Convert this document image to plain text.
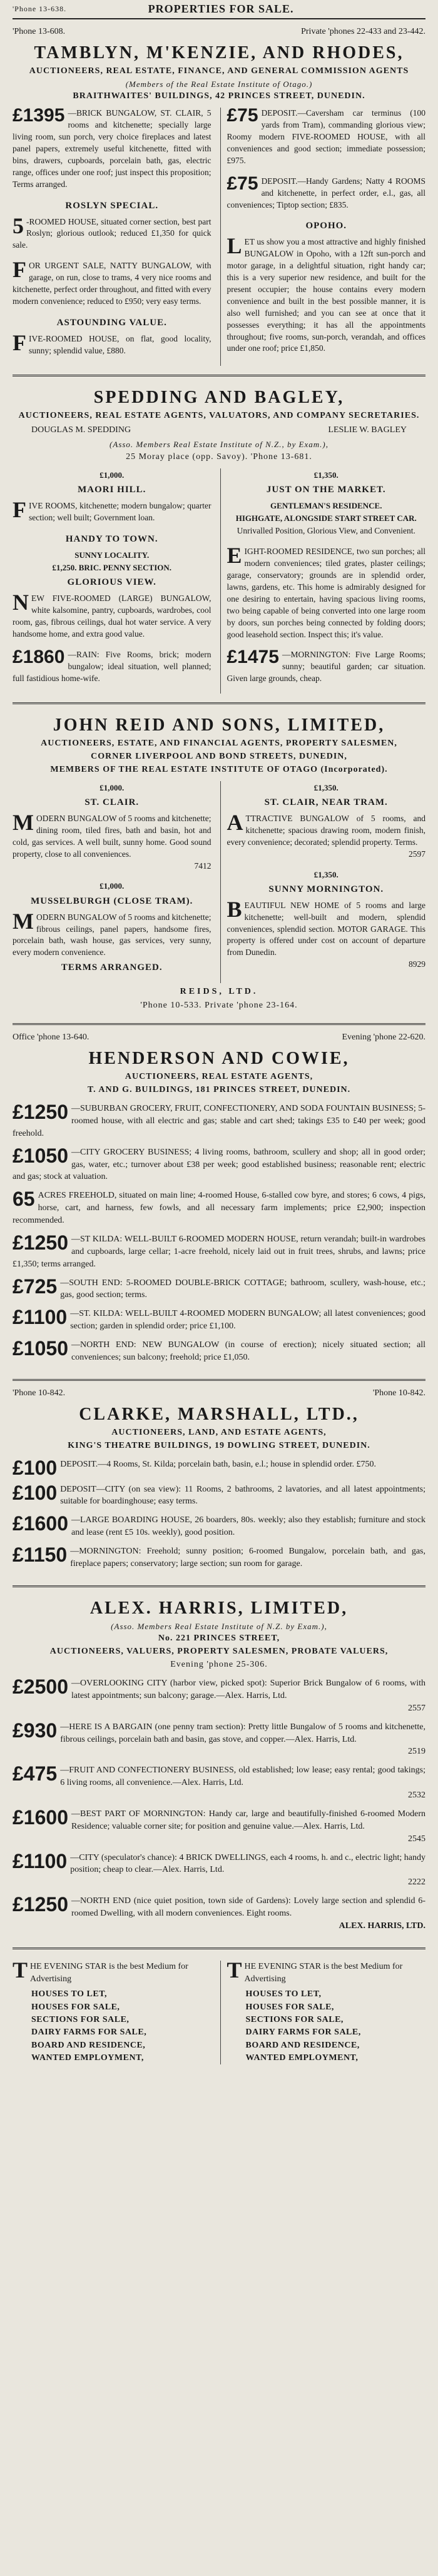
'Phone 13-638.	PROPERTIES FOR SALE.
'Phone 13-608.	Private 'phones 22-433 and 23-442.
TAMBLYN, M'KENZIE, AND RHODES,
AUCTIONEERS, REAL ESTATE, FINANCE, AND GENERAL COMMISSION AGENTS
(Members of the Real Estate Institute of Otago.)
BRAITHWAITES' BUILDINGS, 42 PRINCES STREET, DUNEDIN.
£1395 —BRICK BUNGALOW, ST. CLAIR, 5 rooms and kitchenette; specially large living room, sun porch, very choice fireplaces and latest panel papers, extremely useful kitchenette, fitted with bins, drawers, cupboards, porcelain bath, gas, electric range, offices under one roof; just inspect this proposition; Terms arranged.
ROSLYN SPECIAL.
5 -ROOMED HOUSE, situated corner section, best part Roslyn; glorious outlook; reduced £1,350 for quick sale.
FOR URGENT SALE, NATTY BUNGALOW, with garage, on run, close to trams, 4 very nice rooms and kitchenette, perfect order throughout, and fitted with every modern convenience; reduced to £950; very easy terms.
ASTOUNDING VALUE.
F IVE-ROOMED HOUSE, on flat, good locality, sunny; splendid value, £880.
£75 DEPOSIT.—Caversham car terminus (100 yards from Tram), commanding glorious view; Roomy modern FIVE-ROOMED HOUSE, with all conveniences and good section; immediate possession; £975.
£75 DEPOSIT.—Handy Gardens; Natty 4 ROOMS and kitchenette, in perfect order, e.l., gas, all conveniences; Tiptop section; £835.
OPOHO.
L ET us show you a most attractive and highly finished BUNGALOW in Opoho, with a 12ft sun-porch and motor garage, in a delightful situation, right handy car; this is a very superior new residence, and built for the present occupier; the house contains every modern convenience and built in the best possible manner, it is also well furnished; and you can see at once that it possesses everything; it has all the appointments throughout; five rooms, sun-porch, verandah, and offices under one roof; price £1,850.
SPEDDING AND BAGLEY,
AUCTIONEERS, REAL ESTATE AGENTS, VALUATORS, AND COMPANY SECRETARIES.
DOUGLAS M. SPEDDING	LESLIE W. BAGLEY
(Asso. Members Real Estate Institute of N.Z., by Exam.),
25 Moray place (opp. Savoy). 'Phone 13-681.
£1,000.
MAORI HILL.
F IVE ROOMS, kitchenette; modern bungalow; quarter section; well built; Government loan.
HANDY TO TOWN.
SUNNY LOCALITY.
£1,250. BRIC. PENNY SECTION.
GLORIOUS VIEW.
N EW FIVE-ROOMED (LARGE) BUNGALOW, white kalsomine, pantry, cupboards, wardrobes, cool room, gas, fibrous ceilings, dual hot water service. A very handsome home, and extra good value.
£1860 —RAIN: Five Rooms, brick; modern bungalow; ideal situation, well planned; full fastidious home-wife.
£1,350.
JUST ON THE MARKET.
GENTLEMAN'S RESIDENCE.
HIGHGATE, ALONGSIDE START STREET CAR.
Unrivalled Position, Glorious View, and Convenient.
EIGHT-ROOMED RESIDENCE, two sun porches; all modern conveniences; tiled grates, plaster ceilings; garage, conservatory; grounds are in splendid order, lawns, gardens, etc. This home is admirably designed for one desiring to entertain, having spacious living rooms, two being capable of being converted into one large room by doors, sun porches being connected by folding doors; good leasehold section. Inspect this; it's value.
£1475 —MORNINGTON: Five Large Rooms; sunny; beautiful garden; car situation. Given large grounds, cheap.
JOHN REID AND SONS, LIMITED,
AUCTIONEERS, ESTATE, AND FINANCIAL AGENTS, PROPERTY SALESMEN,
CORNER LIVERPOOL AND BOND STREETS, DUNEDIN,
MEMBERS OF THE REAL ESTATE INSTITUTE OF OTAGO (Incorporated).
£1,000.
ST. CLAIR.
M ODERN BUNGALOW of 5 rooms and kitchenette; dining room, tiled fires, bath and basin, hot and cold, gas services. A well built, sunny home. Good sound property, close to all conveniences.
7412
£1,000.
MUSSELBURGH (CLOSE TRAM).
M ODERN BUNGALOW of 5 rooms and kitchenette; fibrous ceilings, panel papers, handsome fires, porcelain bath, wash house, gas services, very sunny, every modern convenience.
TERMS ARRANGED.
£1,350.
ST. CLAIR, NEAR TRAM.
A TTRACTIVE BUNGALOW of 5 rooms, and kitchenette; spacious drawing room, modern finish, every convenience; decorated; splendid property. Terms.
2597
£1,350.
SUNNY MORNINGTON.
B EAUTIFUL NEW HOME of 5 rooms and large kitchenette; well-built and modern, splendid conveniences, splendid section. MOTOR GARAGE. This property is offered under cost on account of departure from Dunedin.
8929
REIDS, LTD.
'Phone 10-533. Private 'phone 23-164.
Office 'phone 13-640.	Evening 'phone 22-620.
HENDERSON AND COWIE,
AUCTIONEERS, REAL ESTATE AGENTS,
T. AND G. BUILDINGS, 181 PRINCES STREET, DUNEDIN.
£1250 —SUBURBAN GROCERY, FRUIT, CONFECTIONERY, AND SODA FOUNTAIN BUSINESS; 5-roomed house, with all electric and gas; stable and cart shed; takings £35 to £40 per week; good freehold.
£1050 —CITY GROCERY BUSINESS; 4 living rooms, bathroom, scullery and shop; all in good order; gas, water, etc.; turnover about £38 per week; good established business; reasonable rent; electric and gas; stock at valuation.
65 ACRES FREEHOLD, situated on main line; 4-roomed House, 6-stalled cow byre, and stores; 6 cows, 4 pigs, horse, cart, and harness, few fowls, and all necessary farm implements; price £2,900; inspection recommended.
£1250 —ST KILDA: WELL-BUILT 6-ROOMED MODERN HOUSE, return verandah; built-in wardrobes and cupboards, large cellar; 1-acre freehold, nicely laid out in fruit trees, shrubs, and lawns; price £1,350; terms arranged.
£725 —SOUTH END: 5-ROOMED DOUBLE-BRICK COTTAGE; bathroom, scullery, wash-house, etc.; gas, good section; terms.
£1100 —ST. KILDA: WELL-BUILT 4-ROOMED MODERN BUNGALOW; all latest conveniences; good section; garden in splendid order; price £1,100.
£1050 —NORTH END: NEW BUNGALOW (in course of erection); nicely situated section; all conveniences; sun balcony; freehold; price £1,050.
'Phone 10-842.	'Phone 10-842.
CLARKE, MARSHALL, LTD.,
AUCTIONEERS, LAND, AND ESTATE AGENTS,
KING'S THEATRE BUILDINGS, 19 DOWLING STREET, DUNEDIN.
£100 DEPOSIT.—4 Rooms, St. Kilda; porcelain bath, basin, e.l.; house in splendid order. £750.
£100 DEPOSIT—CITY (on sea view): 11 Rooms, 2 bathrooms, 2 lavatories, and all latest appointments; suitable for boardinghouse; easy terms.
£1600 —LARGE BOARDING HOUSE, 26 boarders, 80s. weekly; also they establish; furniture and stock and lease (rent £5 10s. weekly), good position.
£1150 —MORNINGTON: Freehold; sunny position; 6-roomed Bungalow, porcelain bath, and gas, fireplace papers; conservatory; large section; sun room for garage.
ALEX. HARRIS, LIMITED,
(Asso. Members Real Estate Institute of N.Z. by Exam.),
No. 221 PRINCES STREET,
AUCTIONEERS, VALUERS, PROPERTY SALESMEN, PROBATE VALUERS,
Evening 'phone 25-306.
£2500 —OVERLOOKING CITY (harbor view, picked spot): Superior Brick Bungalow of 6 rooms, with latest appointments; sun balcony; garage.—Alex. Harris, Ltd.
2557
£930 —HERE IS A BARGAIN (one penny tram section): Pretty little Bungalow of 5 rooms and kitchenette, fibrous ceilings, porcelain bath and basin, gas stove, and copper.—Alex. Harris, Ltd.
2519
£475 —FRUIT AND CONFECTIONERY BUSINESS, old established; low lease; easy rental; good takings; 6 living rooms, all convenience.—Alex. Harris, Ltd.
2532
£1600 —BEST PART OF MORNINGTON: Handy car, large and beautifully-finished 6-roomed Modern Residence; valuable corner site; for position and genuine value.—Alex. Harris, Ltd.
2545
£1100 —CITY (speculator's chance): 4 BRICK DWELLINGS, each 4 rooms, h. and c., electric light; handy position; cheap to clear.—Alex. Harris, Ltd.
2222
£1250 —NORTH END (nice quiet position, town side of Gardens): Lovely large section and splendid 6-roomed Dwelling, with all modern conveniences. Eight rooms.
ALEX. HARRIS, LTD.
THE EVENING STAR is the best Medium for Advertising
HOUSES TO LET,
HOUSES FOR SALE,
SECTIONS FOR SALE,
DAIRY FARMS FOR SALE,
BOARD AND RESIDENCE,
WANTED EMPLOYMENT,
THE EVENING STAR is the best Medium for Advertising
HOUSES TO LET,
HOUSES FOR SALE,
SECTIONS FOR SALE,
DAIRY FARMS FOR SALE,
BOARD AND RESIDENCE,
WANTED EMPLOYMENT,
